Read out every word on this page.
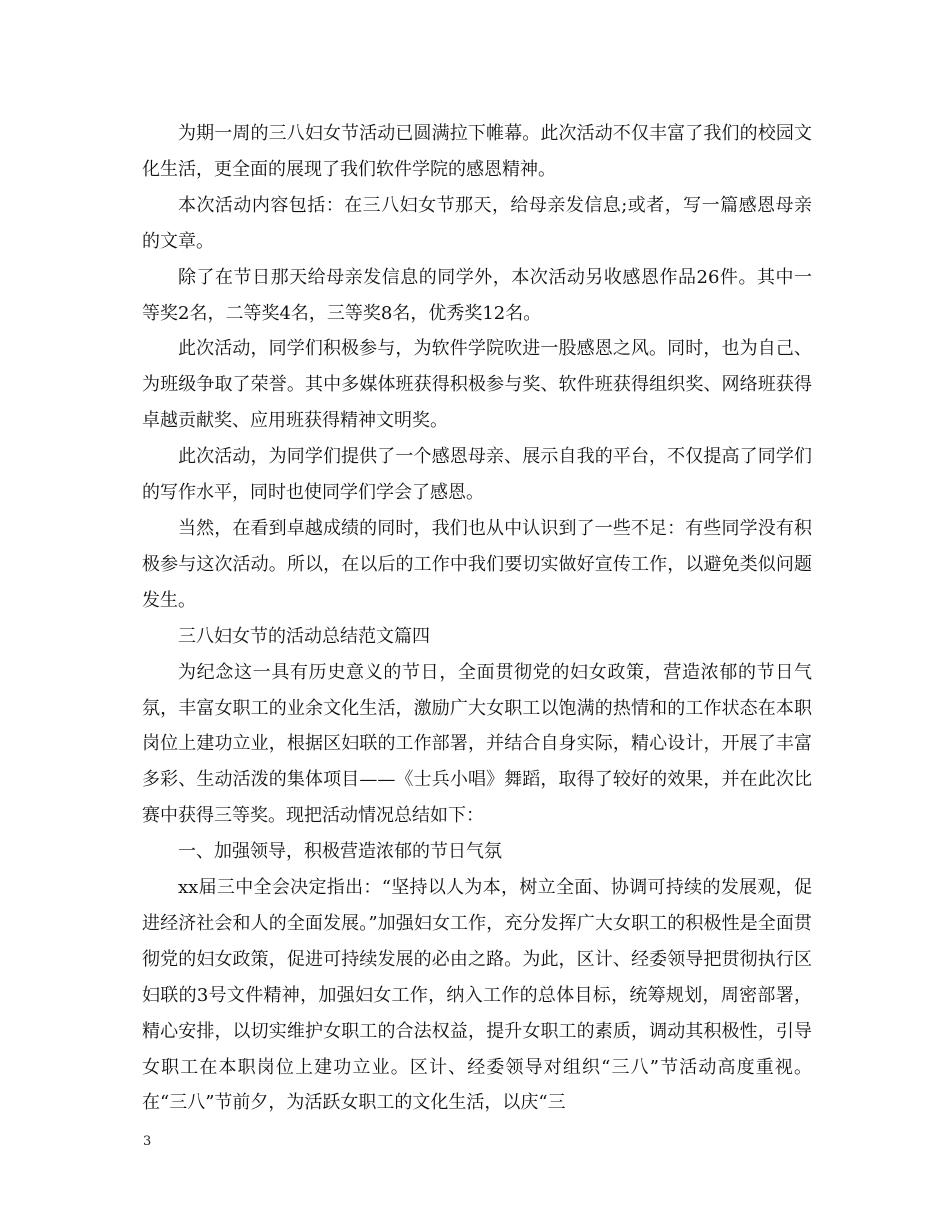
为期一周的三八妇女节活动已圆满拉下帷幕。此次活动不仅丰富了我们的校园文化生活，更全面的展现了我们软件学院的感恩精神。

本次活动内容包括：在三八妇女节那天，给母亲发信息;或者，写一篇感恩母亲的文章。

除了在节日那天给母亲发信息的同学外，本次活动另收感恩作品26件。其中一等奖2名，二等奖4名，三等奖8名，优秀奖12名。

此次活动，同学们积极参与，为软件学院吹进一股感恩之风。同时，也为自己、为班级争取了荣誉。其中多媒体班获得积极参与奖、软件班获得组织奖、网络班获得卓越贡献奖、应用班获得精神文明奖。

此次活动，为同学们提供了一个感恩母亲、展示自我的平台，不仅提高了同学们的写作水平，同时也使同学们学会了感恩。

当然，在看到卓越成绩的同时，我们也从中认识到了一些不足：有些同学没有积极参与这次活动。所以，在以后的工作中我们要切实做好宣传工作，以避免类似问题发生。

三八妇女节的活动总结范文篇四

为纪念这一具有历史意义的节日，全面贯彻党的妇女政策，营造浓郁的节日气氛，丰富女职工的业余文化生活，激励广大女职工以饱满的热情和的工作状态在本职岗位上建功立业，根据区妇联的工作部署，并结合自身实际，精心设计，开展了丰富多彩、生动活泼的集体项目——《士兵小唱》舞蹈，取得了较好的效果，并在此次比赛中获得三等奖。现把活动情况总结如下：

一、加强领导，积极营造浓郁的节日气氛

xx届三中全会决定指出：“坚持以人为本，树立全面、协调可持续的发展观，促进经济社会和人的全面发展。”加强妇女工作，充分发挥广大女职工的积极性是全面贯彻党的妇女政策，促进可持续发展的必由之路。为此，区计、经委领导把贯彻执行区妇联的3号文件精神，加强妇女工作，纳入工作的总体目标，统筹规划，周密部署，精心安排，以切实维护女职工的合法权益，提升女职工的素质，调动其积极性，引导女职工在本职岗位上建功立业。区计、经委领导对组织“三八”节活动高度重视。在“三八”节前夕，为活跃女职工的文化生活，以庆“三

3
